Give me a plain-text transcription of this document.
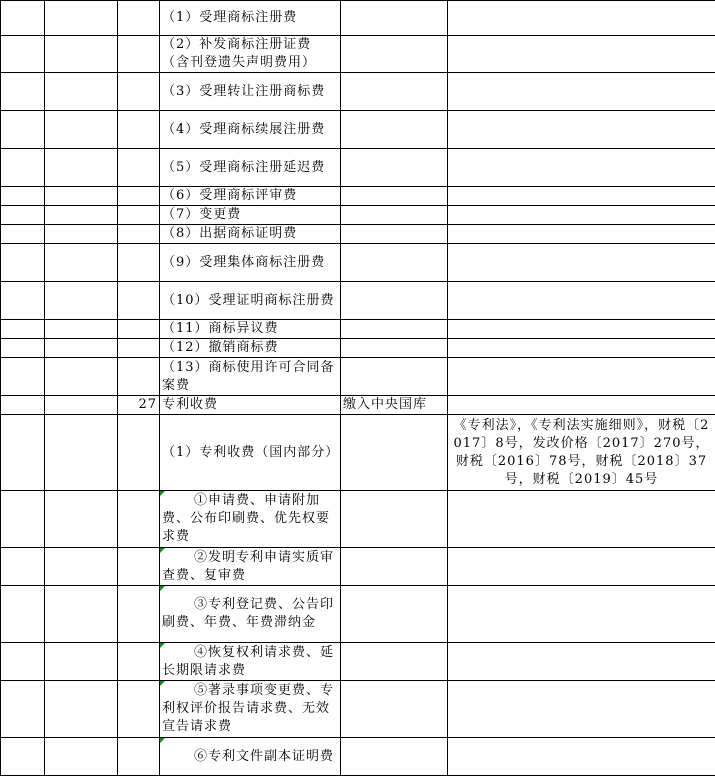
			（1）受理商标注册费		
			（2）补发商标注册证费（含刊登遗失声明费用）		
			（3）受理转让注册商标费		
			（4）受理商标续展注册费		
			（5）受理商标注册延迟费		
			（6）受理商标评审费		
			（7）变更费		
			（8）出据商标证明费		
			（9）受理集体商标注册费		
			（10）受理证明商标注册费		
			（11）商标异议费		
			（12）撤销商标费		
			（13）商标使用许可合同备案费		
		27	专利收费	缴入中央国库	
			（1）专利收费（国内部分）		《专利法》，《专利法实施细则》，财税〔2017〕8号，发改价格〔2017〕270号，财税〔2016〕78号，财税〔2018〕37号，财税〔2019〕45号
			①申请费、申请附加费、公布印刷费、优先权要求费		
			②发明专利申请实质审查费、复审费		
			③专利登记费、公告印刷费、年费、年费滞纳金		
			④恢复权利请求费、延长期限请求费		
			⑤著录事项变更费、专利权评价报告请求费、无效宣告请求费		
			⑥专利文件副本证明费		
